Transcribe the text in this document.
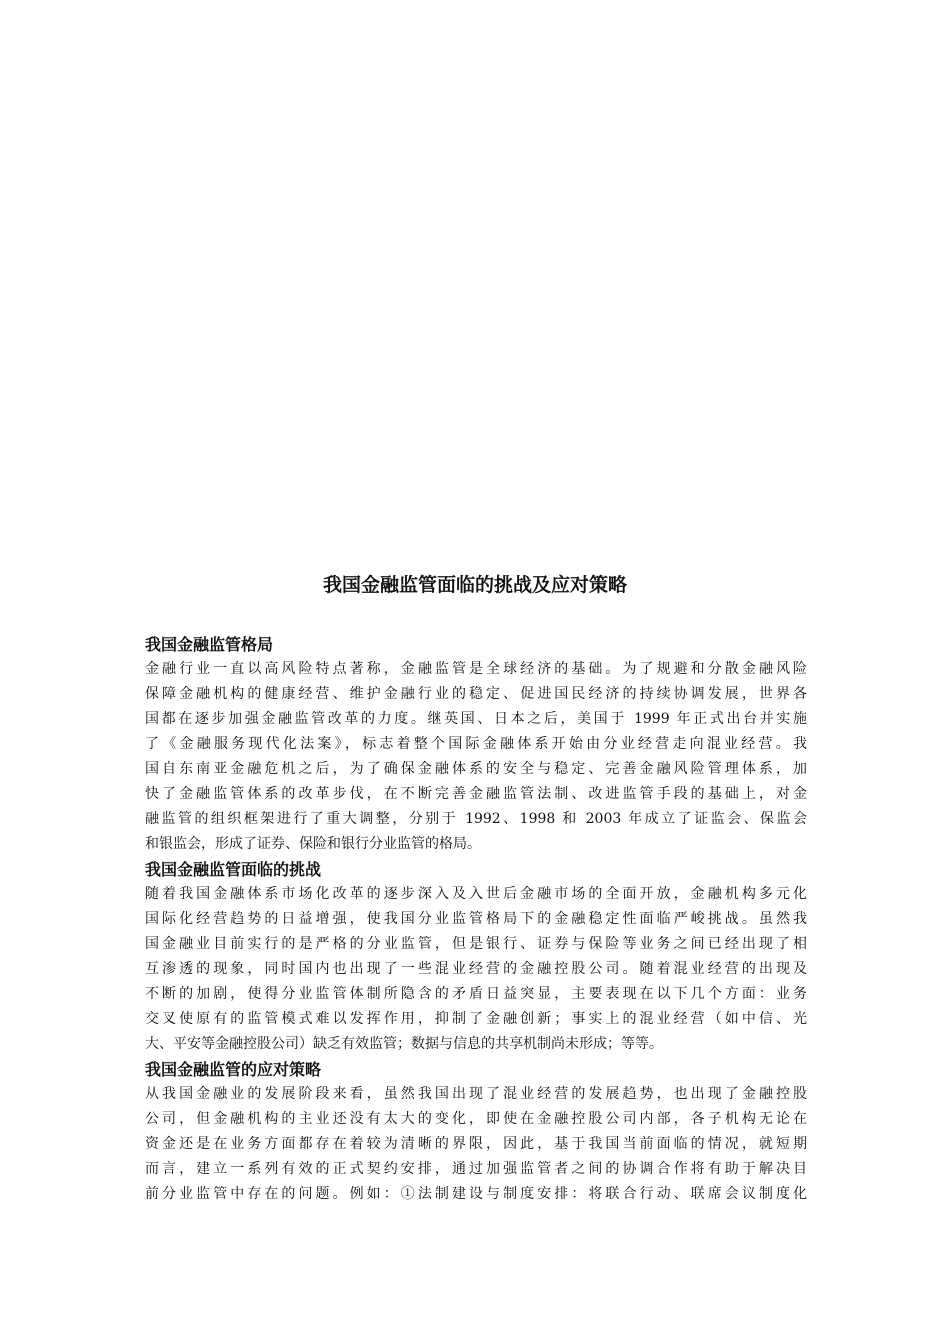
我国金融监管面临的挑战及应对策略
我国金融监管格局

金融行业一直以高风险特点著称，金融监管是全球经济的基础。为了规避和分散金融风险

保障金融机构的健康经营、维护金融行业的稳定、促进国民经济的持续协调发展，世界各

国都在逐步加强金融监管改革的力度。继英国、日本之后，美国于 1999 年正式出台并实施

了《金融服务现代化法案》，标志着整个国际金融体系开始由分业经营走向混业经营。我

国自东南亚金融危机之后，为了确保金融体系的安全与稳定、完善金融风险管理体系，加

快了金融监管体系的改革步伐，在不断完善金融监管法制、改进监管手段的基础上，对金

融监管的组织框架进行了重大调整，分别于 1992、1998 和 2003 年成立了证监会、保监会

和银监会，形成了证券、保险和银行分业监管的格局。

我国金融监管面临的挑战

随着我国金融体系市场化改革的逐步深入及入世后金融市场的全面开放，金融机构多元化

国际化经营趋势的日益增强，使我国分业监管格局下的金融稳定性面临严峻挑战。虽然我

国金融业目前实行的是严格的分业监管，但是银行、证券与保险等业务之间已经出现了相

互渗透的现象，同时国内也出现了一些混业经营的金融控股公司。随着混业经营的出现及

不断的加剧，使得分业监管体制所隐含的矛盾日益突显，主要表现在以下几个方面：业务

交叉使原有的监管模式难以发挥作用，抑制了金融创新；事实上的混业经营（如中信、光

大、平安等金融控股公司）缺乏有效监管；数据与信息的共享机制尚未形成；等等。

我国金融监管的应对策略

从我国金融业的发展阶段来看，虽然我国出现了混业经营的发展趋势，也出现了金融控股

公司，但金融机构的主业还没有太大的变化，即使在金融控股公司内部，各子机构无论在

资金还是在业务方面都存在着较为清晰的界限，因此，基于我国当前面临的情况，就短期

而言，建立一系列有效的正式契约安排，通过加强监管者之间的协调合作将有助于解决目

前分业监管中存在的问题。例如：①法制建设与制度安排：将联合行动、联席会议制度化
